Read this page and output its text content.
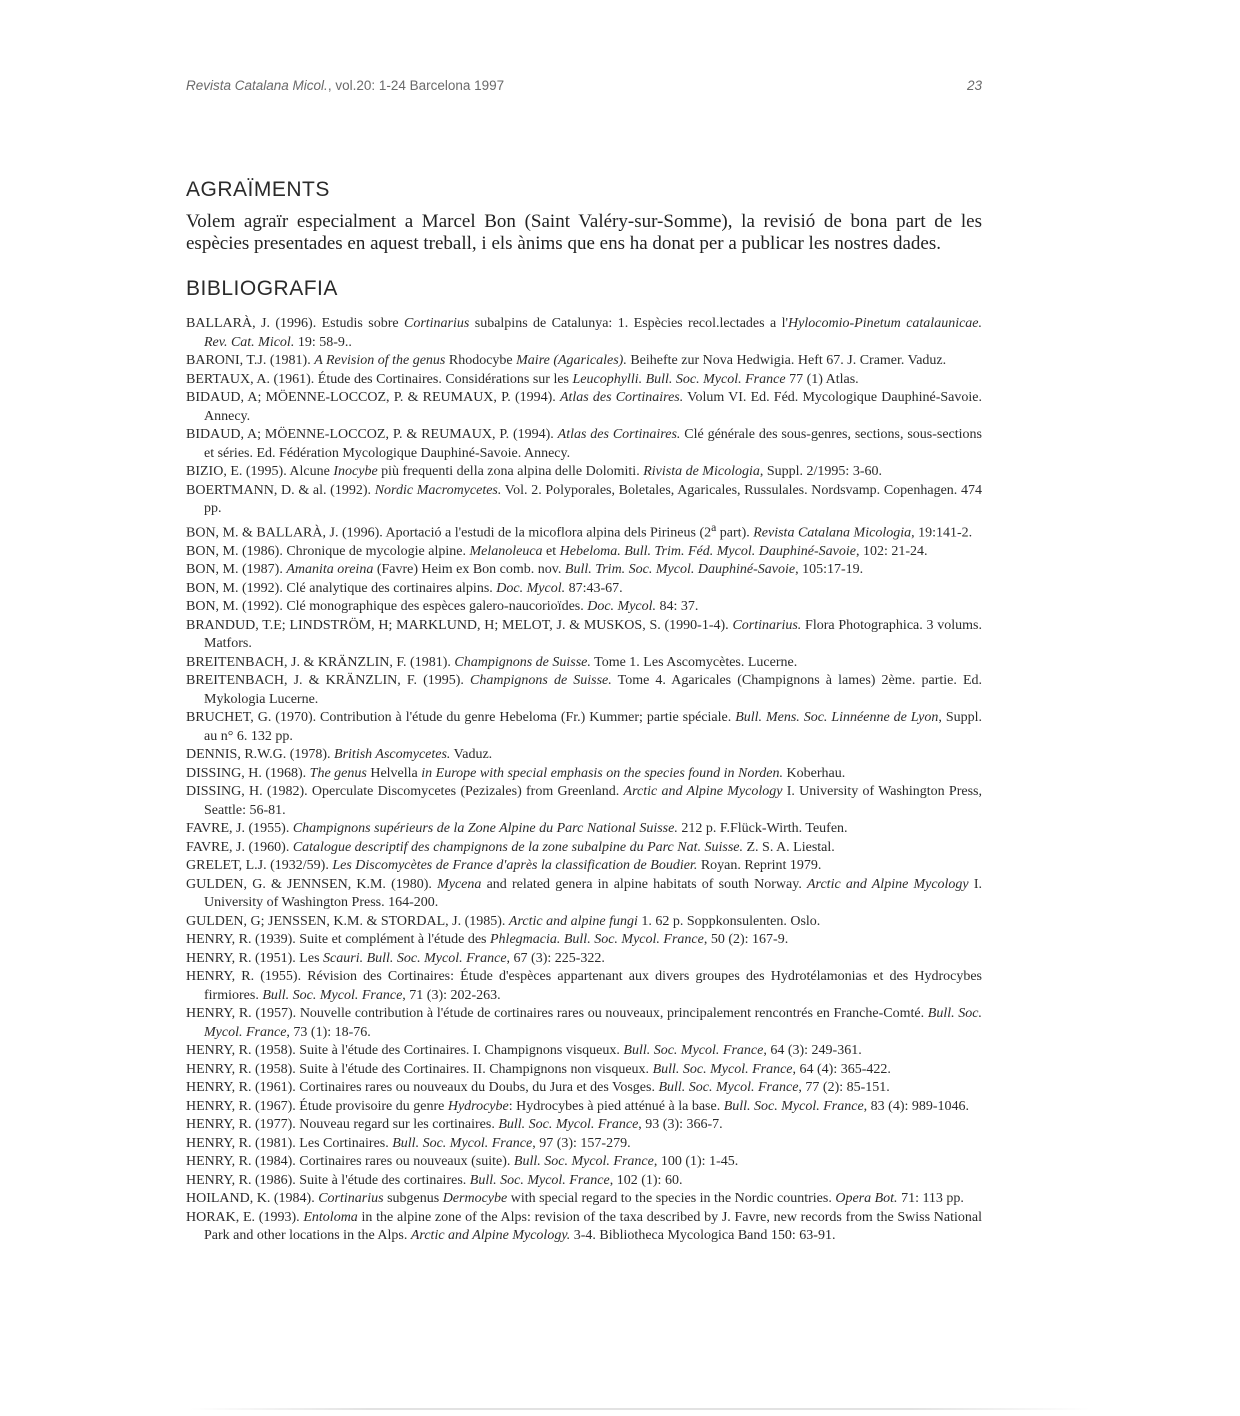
Revista Catalana Micol., vol.20: 1-24 Barcelona 1997	23
AGRAÏMENTS

Volem agraïr especialment a Marcel Bon (Saint Valéry-sur-Somme), la revisió de bona part de les espècies presentades en aquest treball, i els ànims que ens ha donat per a publicar les nostres dades.

BIBLIOGRAFIA
BALLARÀ, J. (1996). Estudis sobre Cortinarius subalpins de Catalunya: 1. Espècies recol.lectades a l'Hylocomio-Pinetum catalaunicae. Rev. Cat. Micol. 19: 58-9..
BARONI, T.J. (1981). A Revision of the genus Rhodocybe Maire (Agaricales). Beihefte zur Nova Hedwigia. Heft 67. J. Cramer. Vaduz.
BERTAUX, A. (1961). Étude des Cortinaires. Considérations sur les Leucophylli. Bull. Soc. Mycol. France 77 (1) Atlas.
BIDAUD, A; MÖENNE-LOCCOZ, P. & REUMAUX, P. (1994). Atlas des Cortinaires. Volum VI. Ed. Féd. Mycologique Dauphiné-Savoie. Annecy.
BIDAUD, A; MÖENNE-LOCCOZ, P. & REUMAUX, P. (1994). Atlas des Cortinaires. Clé générale des sous-genres, sections, sous-sections et séries. Ed. Fédération Mycologique Dauphiné-Savoie. Annecy.
BIZIO, E. (1995). Alcune Inocybe più frequenti della zona alpina delle Dolomiti. Rivista de Micologia, Suppl. 2/1995: 3-60.
BOERTMANN, D. & al. (1992). Nordic Macromycetes. Vol. 2. Polyporales, Boletales, Agaricales, Russulales. Nordsvamp. Copenhagen. 474 pp.
BON, M. & BALLARÀ, J. (1996). Aportació a l'estudi de la micoflora alpina dels Pirineus (2$^a$ part). Revista Catalana Micologia, 19:141-2.
BON, M. (1986). Chronique de mycologie alpine. Melanoleuca et Hebeloma. Bull. Trim. Féd. Mycol. Dauphiné-Savoie, 102: 21-24.
BON, M. (1987). Amanita oreina (Favre) Heim ex Bon comb. nov. Bull. Trim. Soc. Mycol. Dauphiné-Savoie, 105:17-19.
BON, M. (1992). Clé analytique des cortinaires alpins. Doc. Mycol. 87:43-67.
BON, M. (1992). Clé monographique des espèces galero-naucorioïdes. Doc. Mycol. 84: 37.
BRANDUD, T.E; LINDSTRÖM, H; MARKLUND, H; MELOT, J. & MUSKOS, S. (1990-1-4). Cortinarius. Flora Photographica. 3 volums. Matfors.
BREITENBACH, J. & KRÄNZLIN, F. (1981). Champignons de Suisse. Tome 1. Les Ascomycètes. Lucerne.
BREITENBACH, J. & KRÄNZLIN, F. (1995). Champignons de Suisse. Tome 4. Agaricales (Champignons à lames) 2ème. partie. Ed. Mykologia Lucerne.
BRUCHET, G. (1970). Contribution à l'étude du genre Hebeloma (Fr.) Kummer; partie spéciale. Bull. Mens. Soc. Linnéenne de Lyon, Suppl. au n° 6. 132 pp.
DENNIS, R.W.G. (1978). British Ascomycetes. Vaduz.
DISSING, H. (1968). The genus Helvella in Europe with special emphasis on the species found in Norden. Koberhau.
DISSING, H. (1982). Operculate Discomycetes (Pezizales) from Greenland. Arctic and Alpine Mycology I. University of Washington Press, Seattle: 56-81.
FAVRE, J. (1955). Champignons supérieurs de la Zone Alpine du Parc National Suisse. 212 p. F.Flück-Wirth. Teufen.
FAVRE, J. (1960). Catalogue descriptif des champignons de la zone subalpine du Parc Nat. Suisse. Z. S. A. Liestal.
GRELET, L.J. (1932/59). Les Discomycètes de France d'après la classification de Boudier. Royan. Reprint 1979.
GULDEN, G. & JENNSEN, K.M. (1980). Mycena and related genera in alpine habitats of south Norway. Arctic and Alpine Mycology I. University of Washington Press. 164-200.
GULDEN, G; JENSSEN, K.M. & STORDAL, J. (1985). Arctic and alpine fungi 1. 62 p. Soppkonsulenten. Oslo.
HENRY, R. (1939). Suite et complément à l'étude des Phlegmacia. Bull. Soc. Mycol. France, 50 (2): 167-9.
HENRY, R. (1951). Les Scauri. Bull. Soc. Mycol. France, 67 (3): 225-322.
HENRY, R. (1955). Révision des Cortinaires: Étude d'espèces appartenant aux divers groupes des Hydrotélamonias et des Hydrocybes firmiores. Bull. Soc. Mycol. France, 71 (3): 202-263.
HENRY, R. (1957). Nouvelle contribution à l'étude de cortinaires rares ou nouveaux, principalement rencontrés en Franche-Comté. Bull. Soc. Mycol. France, 73 (1): 18-76.
HENRY, R. (1958). Suite à l'étude des Cortinaires. I. Champignons visqueux. Bull. Soc. Mycol. France, 64 (3): 249-361.
HENRY, R. (1958). Suite à l'étude des Cortinaires. II. Champignons non visqueux. Bull. Soc. Mycol. France, 64 (4): 365-422.
HENRY, R. (1961). Cortinaires rares ou nouveaux du Doubs, du Jura et des Vosges. Bull. Soc. Mycol. France, 77 (2): 85-151.
HENRY, R. (1967). Étude provisoire du genre Hydrocybe: Hydrocybes à pied atténué à la base. Bull. Soc. Mycol. France, 83 (4): 989-1046.
HENRY, R. (1977). Nouveau regard sur les cortinaires. Bull. Soc. Mycol. France, 93 (3): 366-7.
HENRY, R. (1981). Les Cortinaires. Bull. Soc. Mycol. France, 97 (3): 157-279.
HENRY, R. (1984). Cortinaires rares ou nouveaux (suite). Bull. Soc. Mycol. France, 100 (1): 1-45.
HENRY, R. (1986). Suite à l'étude des cortinaires. Bull. Soc. Mycol. France, 102 (1): 60.
HOILAND, K. (1984). Cortinarius subgenus Dermocybe with special regard to the species in the Nordic countries. Opera Bot. 71: 113 pp.
HORAK, E. (1993). Entoloma in the alpine zone of the Alps: revision of the taxa described by J. Favre, new records from the Swiss National Park and other locations in the Alps. Arctic and Alpine Mycology. 3-4. Bibliotheca Mycologica Band 150: 63-91.
